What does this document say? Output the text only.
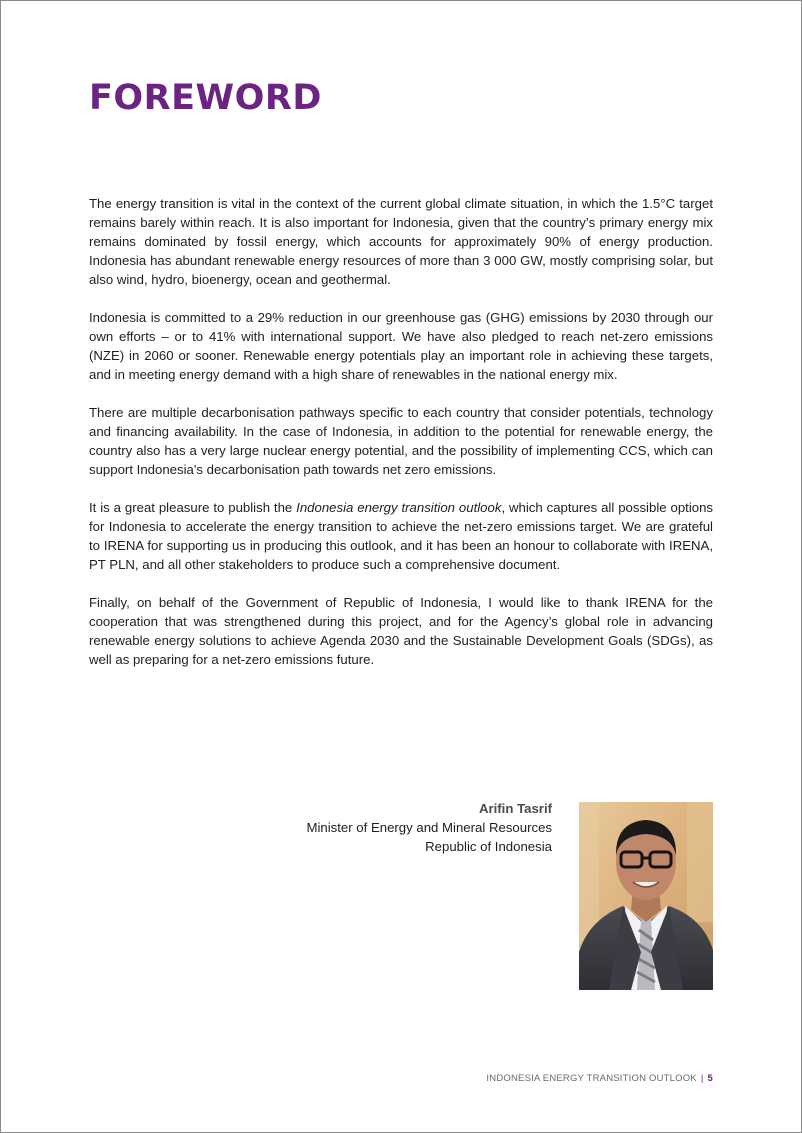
FOREWORD

The energy transition is vital in the context of the current global climate situation, in which the 1.5°C target remains barely within reach. It is also important for Indonesia, given that the country’s primary energy mix remains dominated by fossil energy, which accounts for approximately 90% of energy production. Indonesia has abundant renewable energy resources of more than 3 000 GW, mostly comprising solar, but also wind, hydro, bioenergy, ocean and geothermal.

Indonesia is committed to a 29% reduction in our greenhouse gas (GHG) emissions by 2030 through our own efforts – or to 41% with international support. We have also pledged to reach net-zero emissions (NZE) in 2060 or sooner. Renewable energy potentials play an important role in achieving these targets, and in meeting energy demand with a high share of renewables in the national energy mix.

There are multiple decarbonisation pathways specific to each country that consider potentials, technology and financing availability. In the case of Indonesia, in addition to the potential for renewable energy, the country also has a very large nuclear energy potential, and the possibility of implementing CCS, which can support Indonesia's decarbonisation path towards net zero emissions.

It is a great pleasure to publish the Indonesia energy transition outlook, which captures all possible options for Indonesia to accelerate the energy transition to achieve the net-zero emissions target. We are grateful to IRENA for supporting us in producing this outlook, and it has been an honour to collaborate with IRENA, PT PLN, and all other stakeholders to produce such a comprehensive document.

Finally, on behalf of the Government of Republic of Indonesia, I would like to thank IRENA for the cooperation that was strengthened during this project, and for the Agency’s global role in advancing renewable energy solutions to achieve Agenda 2030 and the Sustainable Development Goals (SDGs), as well as preparing for a net-zero emissions future.

Arifin Tasrif
Minister of Energy and Mineral Resources
Republic of Indonesia
INDONESIA ENERGY TRANSITION OUTLOOK | 5
